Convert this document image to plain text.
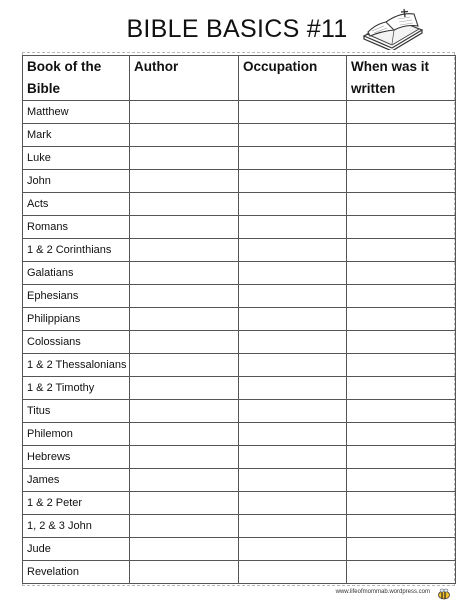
BIBLE BASICS #11
Book of the Bible	Author	Occupation	When was it written
Matthew			
Mark			
Luke			
John			
Acts			
Romans			
1 & 2 Corinthians			
Galatians			
Ephesians			
Philippians			
Colossians			
1 & 2 Thessalonians			
1 & 2 Timothy			
Titus			
Philemon			
Hebrews			
James			
1 & 2 Peter			
1, 2 & 3 John			
Jude			
Revelation			
www.lifeofmommab.wordpress.com
